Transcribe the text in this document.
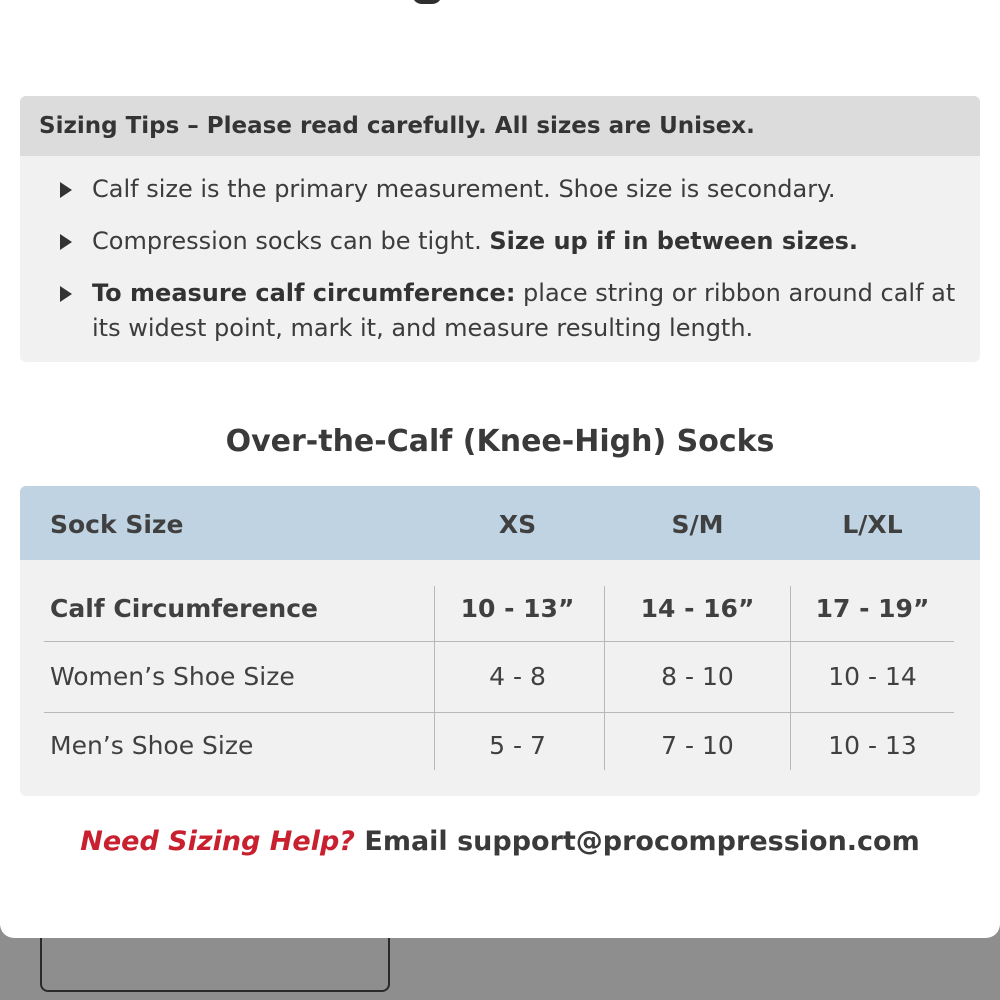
Sizing Tips – Please read carefully. All sizes are Unisex.
Calf size is the primary measurement. Shoe size is secondary.
Compression socks can be tight. Size up if in between sizes.
To measure calf circumference: place string or ribbon around calf at its widest point, mark it, and measure resulting length.
Over-the-Calf (Knee-High) Socks
Sock Size	XS	S/M	L/XL
Calf Circumference	10 - 13”	14 - 16”	17 - 19”
Women’s Shoe Size	4 - 8	8 - 10	10 - 14
Men’s Shoe Size	5 - 7	7 - 10	10 - 13
Need Sizing Help? Email support@procompression.com
